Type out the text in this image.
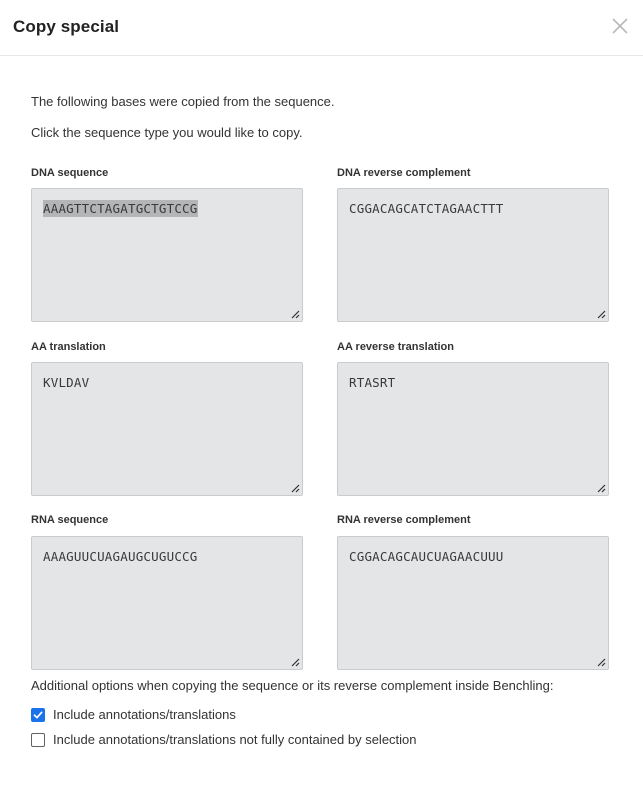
Copy special
The following bases were copied from the sequence.
Click the sequence type you would like to copy.
DNA sequence
AAAGTTCTAGATGCTGTCCG
DNA reverse complement
CGGACAGCATCTAGAACTTT
AA translation
KVLDAV
AA reverse translation
RTASRT
RNA sequence
AAAGUUCUAGAUGCUGUCCG
RNA reverse complement
CGGACAGCAUCUAGAACUUU
Additional options when copying the sequence or its reverse complement inside Benchling:
Include annotations/translations
Include annotations/translations not fully contained by selection
